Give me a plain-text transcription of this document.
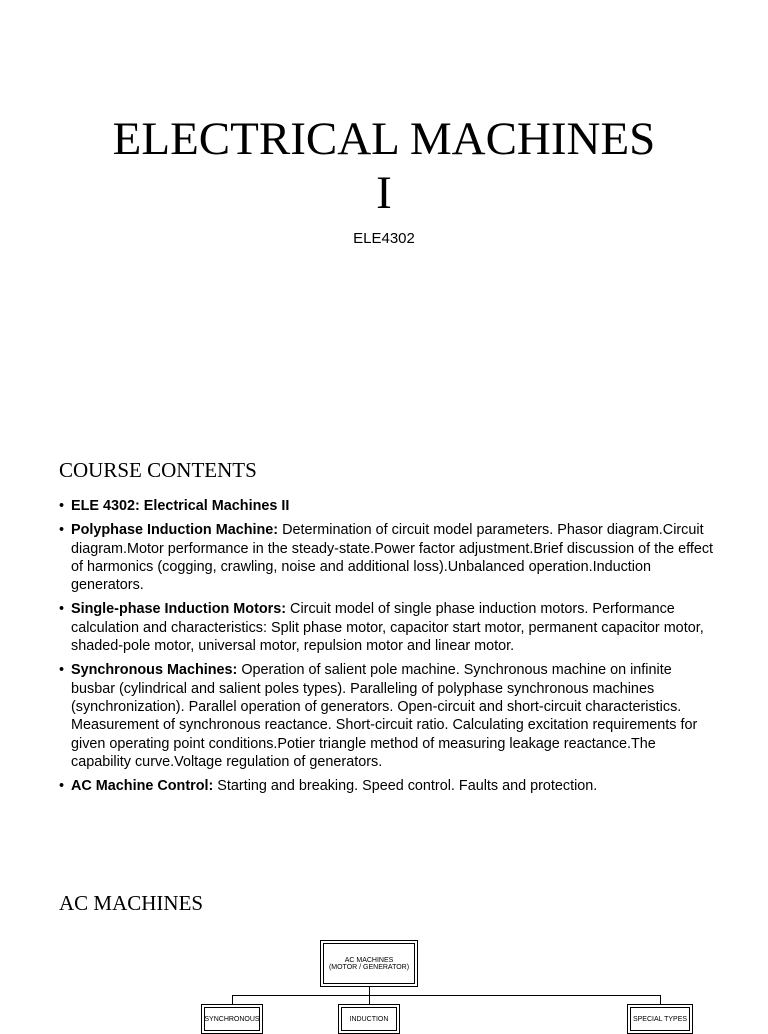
ELECTRICAL MACHINES
I

ELE4302

COURSE CONTENTS
• ELE 4302: Electrical Machines II
• Polyphase Induction Machine: Determination of circuit model parameters. Phasor diagram.Circuit diagram.Motor performance in the steady-state.Power factor adjustment.Brief discussion of the effect of harmonics (cogging, crawling, noise and additional loss).Unbalanced operation.Induction generators.
• Single-phase Induction Motors: Circuit model of single phase induction motors. Performance calculation and characteristics: Split phase motor, capacitor start motor, permanent capacitor motor, shaded-pole motor, universal motor, repulsion motor and linear motor.
• Synchronous Machines: Operation of salient pole machine. Synchronous machine on infinite busbar (cylindrical and salient poles types). Paralleling of polyphase synchronous machines (synchronization). Parallel operation of generators. Open-circuit and short-circuit characteristics. Measurement of synchronous reactance. Short-circuit ratio. Calculating excitation requirements for given operating point conditions.Potier triangle method of measuring leakage reactance.The capability curve.Voltage regulation of generators.
• AC Machine Control: Starting and breaking. Speed control. Faults and protection.
AC MACHINES
AC MACHINES
(MOTOR / GENERATOR)
SYNCHRONOUS	INDUCTION	SPECIAL TYPES
